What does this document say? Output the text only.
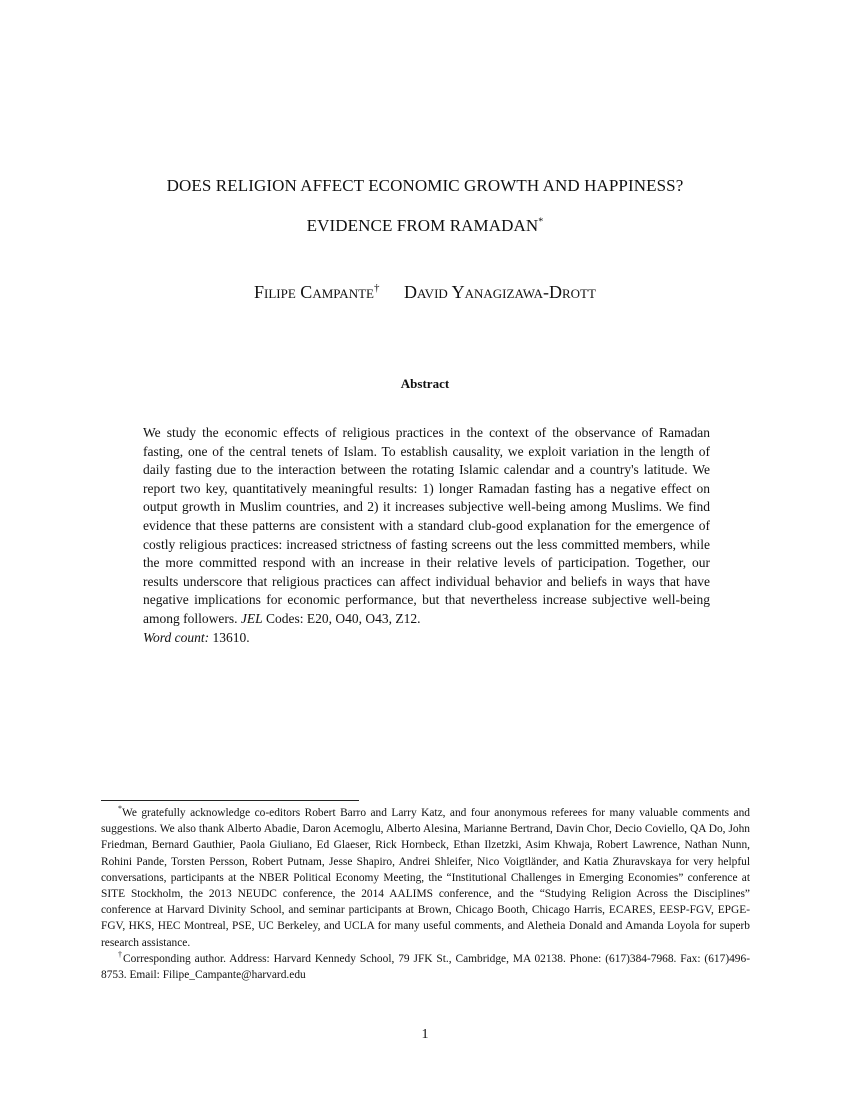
DOES RELIGION AFFECT ECONOMIC GROWTH AND HAPPINESS?
EVIDENCE FROM RAMADAN*
Filipe Campante† David Yanagizawa-Drott
Abstract

We study the economic effects of religious practices in the context of the observance of Ramadan fasting, one of the central tenets of Islam. To establish causality, we exploit variation in the length of daily fasting due to the interaction between the rotating Islamic calendar and a country's latitude. We report two key, quantitatively meaningful results: 1) longer Ramadan fasting has a negative effect on output growth in Muslim countries, and 2) it increases subjective well-being among Muslims. We find evidence that these patterns are consistent with a standard club-good explanation for the emergence of costly religious practices: increased strictness of fasting screens out the less committed members, while the more committed respond with an increase in their relative levels of participation. Together, our results underscore that religious practices can affect individual behavior and beliefs in ways that have negative implications for economic performance, but that nevertheless increase subjective well-being among followers. JEL Codes: E20, O40, O43, Z12.

Word count: 13610.

*We gratefully acknowledge co-editors Robert Barro and Larry Katz, and four anonymous referees for many valuable comments and suggestions. We also thank Alberto Abadie, Daron Acemoglu, Alberto Alesina, Marianne Bertrand, Davin Chor, Decio Coviello, QA Do, John Friedman, Bernard Gauthier, Paola Giuliano, Ed Glaeser, Rick Hornbeck, Ethan Ilzetzki, Asim Khwaja, Robert Lawrence, Nathan Nunn, Rohini Pande, Torsten Persson, Robert Putnam, Jesse Shapiro, Andrei Shleifer, Nico Voigtländer, and Katia Zhuravskaya for very helpful conversations, participants at the NBER Political Economy Meeting, the “Institutional Challenges in Emerging Economies” conference at SITE Stockholm, the 2013 NEUDC conference, the 2014 AALIMS conference, and the “Studying Religion Across the Disciplines” conference at Harvard Divinity School, and seminar participants at Brown, Chicago Booth, Chicago Harris, ECARES, EESP-FGV, EPGE-FGV, HKS, HEC Montreal, PSE, UC Berkeley, and UCLA for many useful comments, and Aletheia Donald and Amanda Loyola for superb research assistance.

†Corresponding author. Address: Harvard Kennedy School, 79 JFK St., Cambridge, MA 02138. Phone: (617)384-7968. Fax: (617)496-8753. Email: Filipe_Campante@harvard.edu

1
